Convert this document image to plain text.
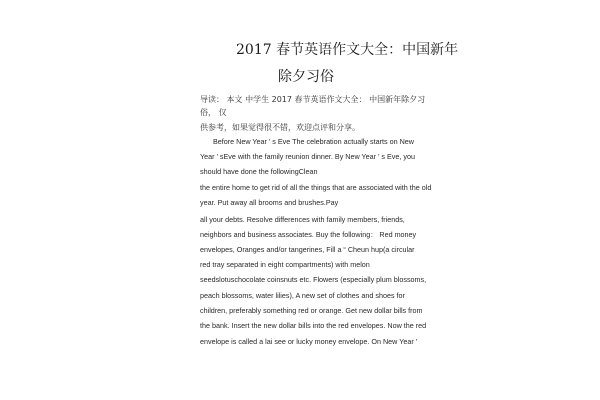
2017 春节英语作文大全：中国新年
除夕习俗
导读： 本文 中学生 2017 春节英语作文大全： 中国新年除夕习
俗， 仅
供参考，如果觉得很不错，欢迎点评和分享。
Before New Year ’ s Eve The celebration actually starts on New
Year ’ sEve with the family reunion dinner. By New Year ’ s Eve, you
should have done the followingClean
the entire home to get rid of all the things that are associated with the old
year. Put away all brooms and brushes.Pay
all your debts. Resolve differences with family members, friends,
neighbors and business associates. Buy the following： Red money
envelopes, Oranges and/or tangerines, Fill a “ Cheun hup(a circular
red tray separated in eight compartments) with melon
seedslotuschocolate coinsnuts etc. Flowers (especially plum blossoms,
peach blossoms, water lilies), A new set of clothes and shoes for
children, preferably something red or orange. Get new dollar bills from
the bank. Insert the new dollar bills into the red envelopes. Now the red
envelope is called a lai see or lucky money envelope. On New Year ’
